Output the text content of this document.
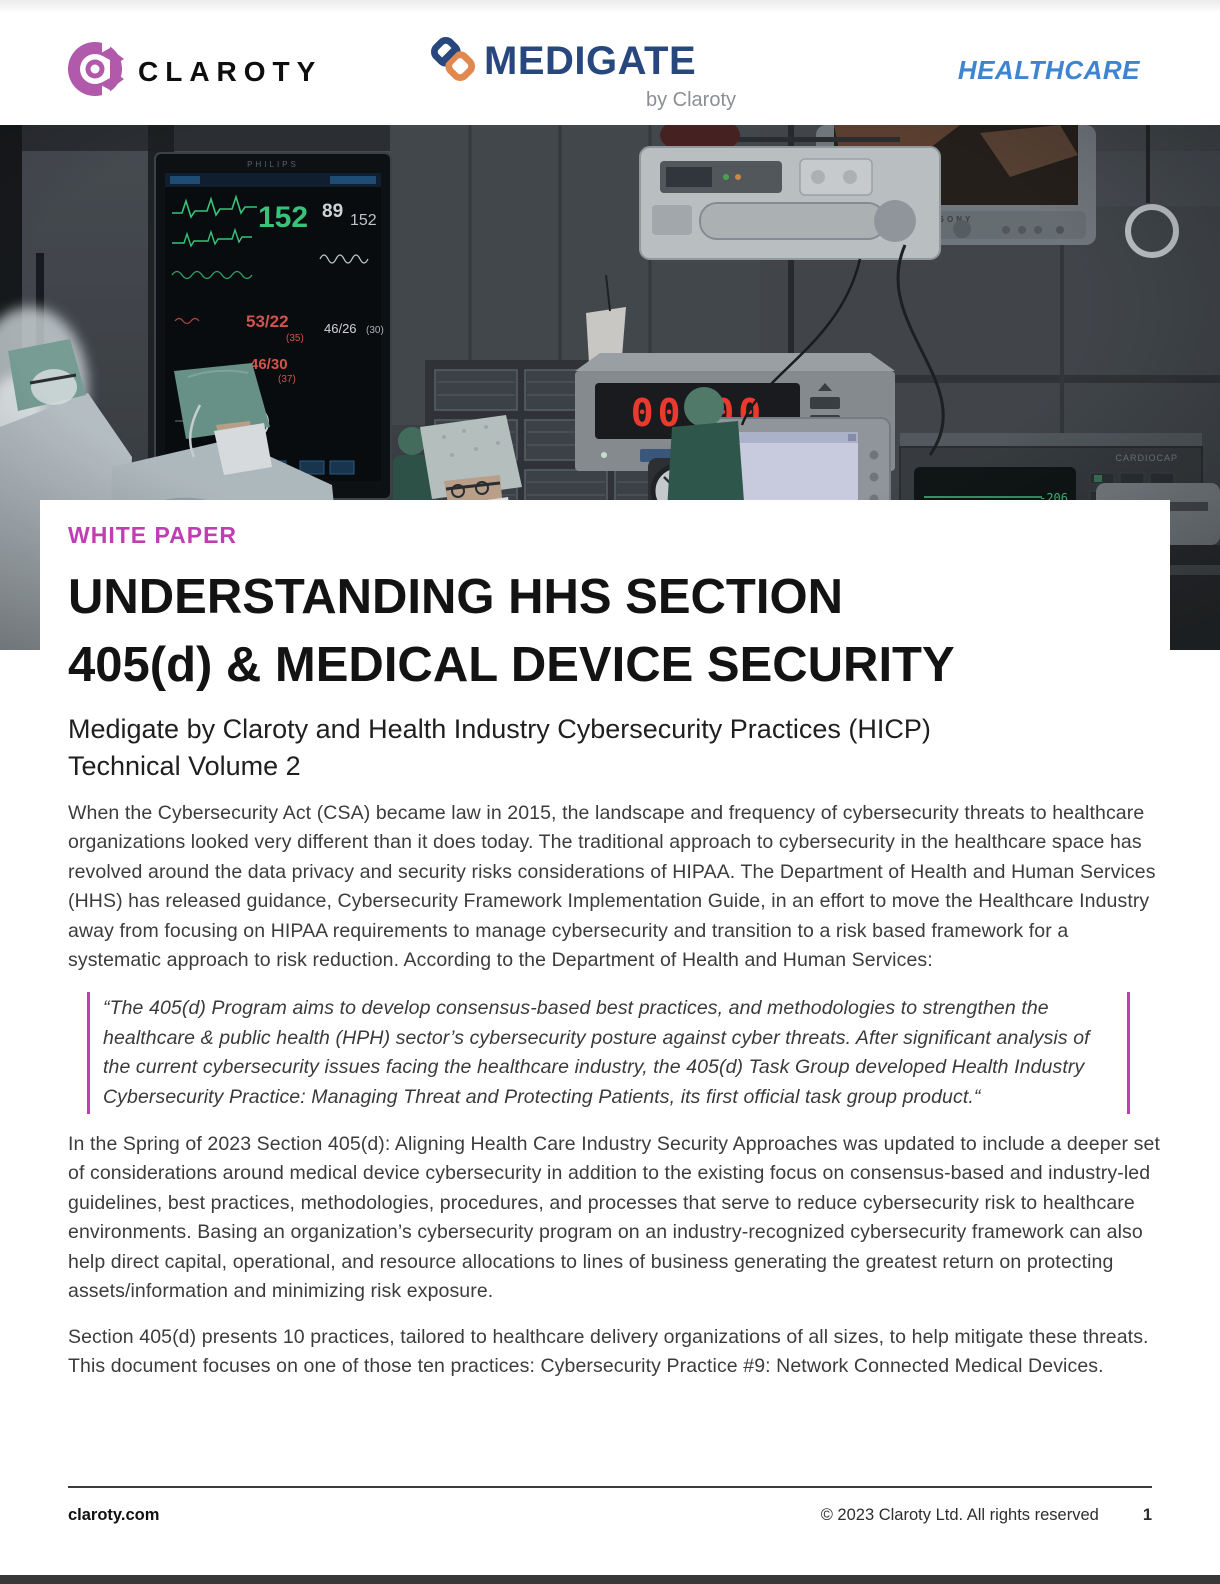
CLAROTY	MEDIGATE
by Claroty
HEALTHCARE
WHITE PAPER
UNDERSTANDING HHS SECTION
405(d) & MEDICAL DEVICE SECURITY
Medigate by Claroty and Health Industry Cybersecurity Practices (HICP)
Technical Volume 2

When the Cybersecurity Act (CSA) became law in 2015, the landscape and frequency of cybersecurity threats to healthcare organizations looked very different than it does today. The traditional approach to cybersecurity in the healthcare space has revolved around the data privacy and security risks considerations of HIPAA. The Department of Health and Human Services (HHS) has released guidance, Cybersecurity Framework Implementation Guide, in an effort to move the Healthcare Industry away from focusing on HIPAA requirements to manage cybersecurity and transition to a risk based framework for a systematic approach to risk reduction. According to the Department of Health and Human Services:

“The 405(d) Program aims to develop consensus-based best practices, and methodologies to strengthen the healthcare & public health (HPH) sector’s cybersecurity posture against cyber threats. After significant analysis of the current cybersecurity issues facing the healthcare industry, the 405(d) Task Group developed Health Industry Cybersecurity Practice: Managing Threat and Protecting Patients, its first official task group product.“

In the Spring of 2023 Section 405(d): Aligning Health Care Industry Security Approaches was updated to include a deeper set of considerations around medical device cybersecurity in addition to the existing focus on consensus-based and industry-led guidelines, best practices, methodologies, procedures, and processes that serve to reduce cybersecurity risk to healthcare environments. Basing an organization’s cybersecurity program on an industry-recognized cybersecurity framework can also help direct capital, operational, and resource allocations to lines of business generating the greatest return on protecting assets/information and minimizing risk exposure.

Section 405(d) presents 10 practices, tailored to healthcare delivery organizations of all sizes, to help mitigate these threats. This document focuses on one of those ten practices: Cybersecurity Practice #9: Network Connected Medical Devices.

claroty.com	© 2023 Claroty Ltd. All rights reserved	1
